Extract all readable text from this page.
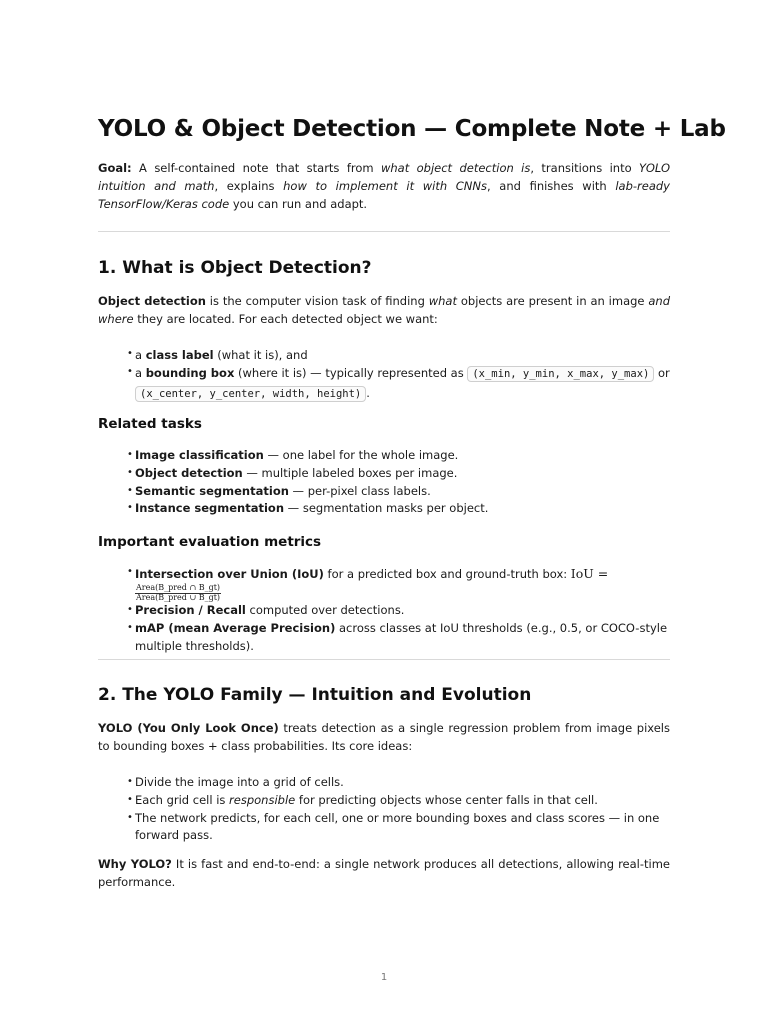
YOLO & Object Detection — Complete Note + Lab

Goal: A self-contained note that starts from what object detection is, transitions into YOLO intuition and math, explains how to implement it with CNNs, and finishes with lab-ready TensorFlow/Keras code you can run and adapt.

1. What is Object Detection?

Object detection is the computer vision task of finding what objects are present in an image and where they are located. For each detected object we want:

• a class label (what it is), and
• a bounding box (where it is) — typically represented as (x_min, y_min, x_max, y_max) or (x_center, y_center, width, height) .
Related tasks
• Image classification — one label for the whole image.
• Object detection — multiple labeled boxes per image.
• Semantic segmentation — per-pixel class labels.
• Instance segmentation — segmentation masks per object.
Important evaluation metrics
• Intersection over Union (IoU) for a predicted box and ground-truth box: IoU =
$\frac{\text{Area(B\_pred ∩ B\_gt)}}{\text{Area(B\_pred ∪ B\_gt)}}$
• Precision / Recall computed over detections.
• mAP (mean Average Precision) across classes at IoU thresholds (e.g., 0.5, or COCO-style multiple thresholds).
2. The YOLO Family — Intuition and Evolution

YOLO (You Only Look Once) treats detection as a single regression problem from image pixels to bounding boxes + class probabilities. Its core ideas:

• Divide the image into a grid of cells.
• Each grid cell is responsible for predicting objects whose center falls in that cell.
• The network predicts, for each cell, one or more bounding boxes and class scores — in one forward pass.

Why YOLO? It is fast and end-to-end: a single network produces all detections, allowing real-time performance.

1
